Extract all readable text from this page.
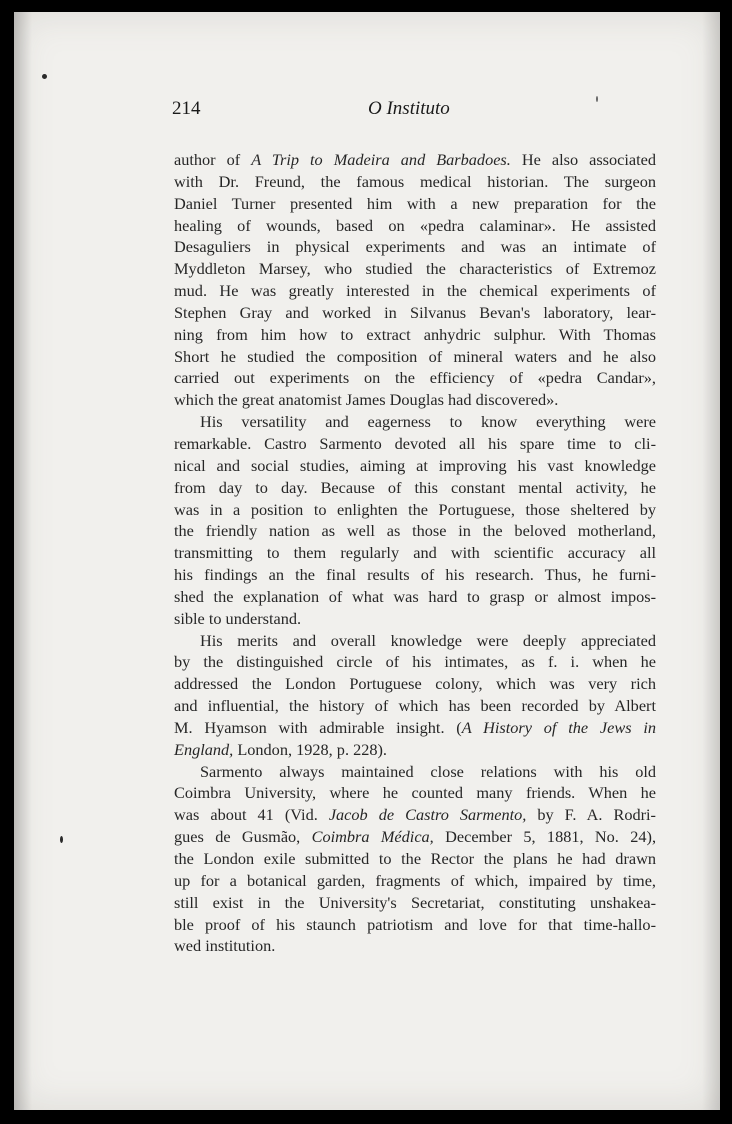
214	O Instituto
author of A Trip to Madeira and Barbadoes. He also associated
with Dr. Freund, the famous medical historian. The surgeon
Daniel Turner presented him with a new preparation for the
healing of wounds, based on «pedra calaminar». He assisted
Desaguliers in physical experiments and was an intimate of
Myddleton Marsey, who studied the characteristics of Extremoz
mud. He was greatly interested in the chemical experiments of
Stephen Gray and worked in Silvanus Bevan's laboratory, lear-
ning from him how to extract anhydric sulphur. With Thomas
Short he studied the composition of mineral waters and he also
carried out experiments on the efficiency of «pedra Candar»,
which the great anatomist James Douglas had discovered».
His versatility and eagerness to know everything were
remarkable. Castro Sarmento devoted all his spare time to cli-
nical and social studies, aiming at improving his vast knowledge
from day to day. Because of this constant mental activity, he
was in a position to enlighten the Portuguese, those sheltered by
the friendly nation as well as those in the beloved motherland,
transmitting to them regularly and with scientific accuracy all
his findings an the final results of his research. Thus, he furni-
shed the explanation of what was hard to grasp or almost impos-
sible to understand.
His merits and overall knowledge were deeply appreciated
by the distinguished circle of his intimates, as f. i. when he
addressed the London Portuguese colony, which was very rich
and influential, the history of which has been recorded by Albert
M. Hyamson with admirable insight. (A History of the Jews in
England, London, 1928, p. 228).
Sarmento always maintained close relations with his old
Coimbra University, where he counted many friends. When he
was about 41 (Vid. Jacob de Castro Sarmento, by F. A. Rodri-
gues de Gusmão, Coimbra Médica, December 5, 1881, No. 24),
the London exile submitted to the Rector the plans he had drawn
up for a botanical garden, fragments of which, impaired by time,
still exist in the University's Secretariat, constituting unshakea-
ble proof of his staunch patriotism and love for that time-hallo-
wed institution.
